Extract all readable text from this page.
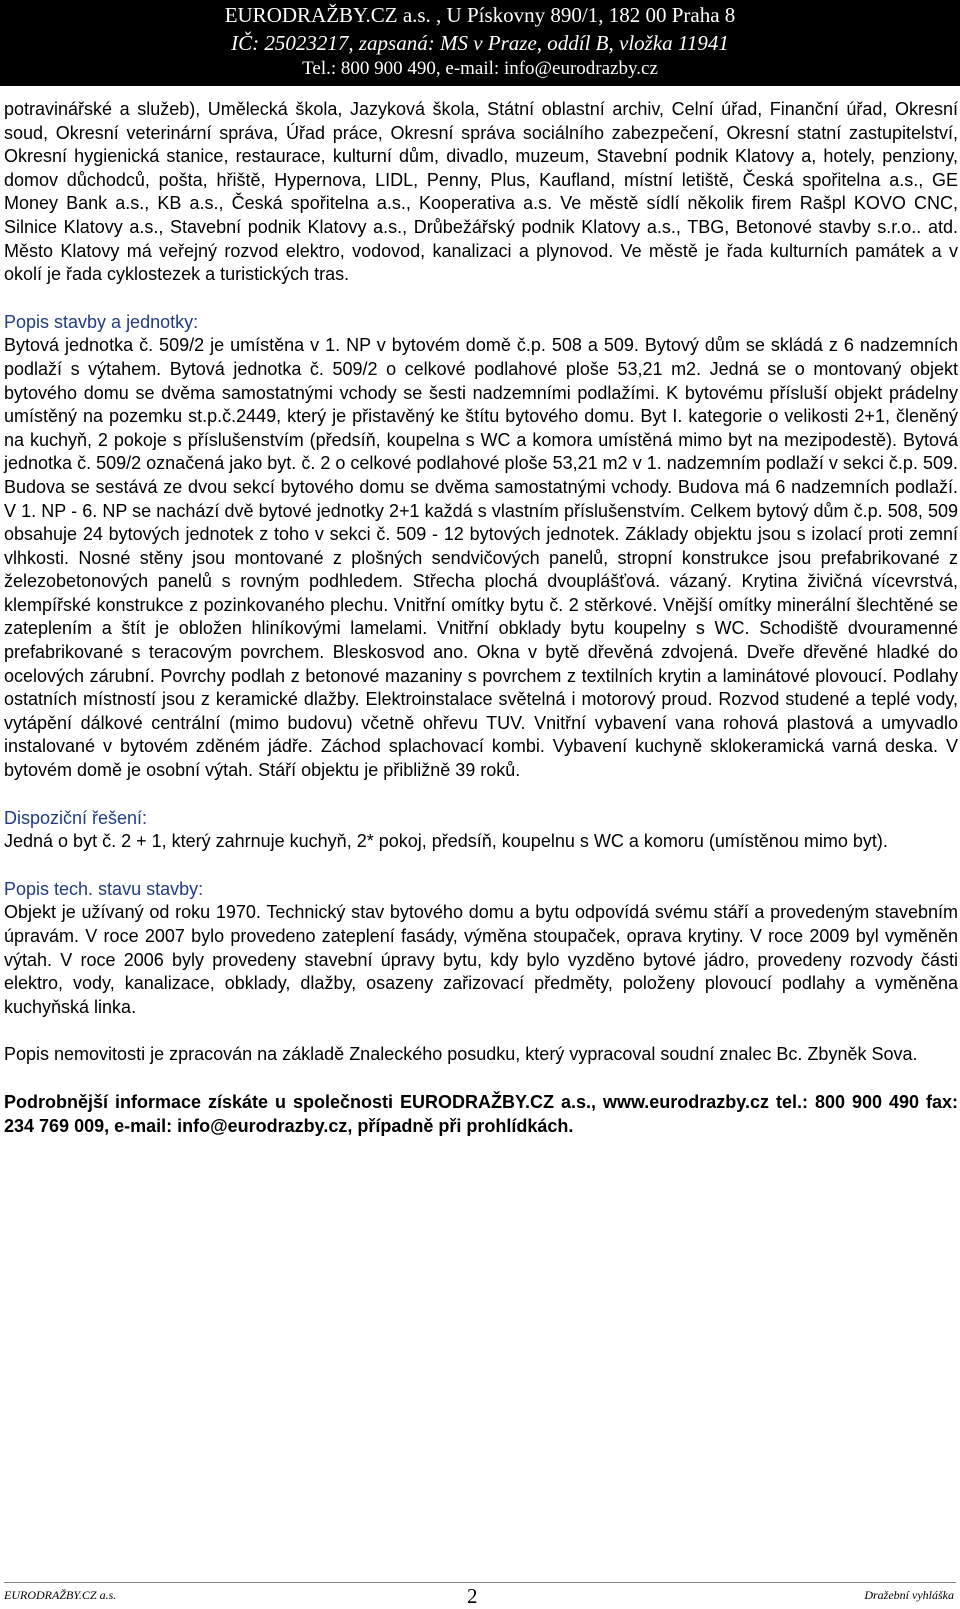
EURODRAŽBY.CZ a.s. , U Pískovny 890/1, 182 00 Praha 8
IČ: 25023217, zapsaná: MS v Praze, oddíl B, vložka 11941
Tel.: 800 900 490, e-mail: info@eurodrazby.cz

potravinářské a služeb), Umělecká škola, Jazyková škola, Státní oblastní archiv, Celní úřad, Finanční úřad, Okresní soud, Okresní veterinární správa, Úřad práce, Okresní správa sociálního zabezpečení, Okresní statní zastupitelství, Okresní hygienická stanice, restaurace, kulturní dům, divadlo, muzeum, Stavební podnik Klatovy a, hotely, penziony, domov důchodců, pošta, hřiště, Hypernova, LIDL, Penny, Plus, Kaufland, místní letiště, Česká spořitelna a.s., GE Money Bank a.s., KB a.s., Česká spořitelna a.s., Kooperativa a.s. Ve městě sídlí několik firem Rašpl KOVO CNC, Silnice Klatovy a.s., Stavební podnik Klatovy a.s., Drůbežářský podnik Klatovy a.s., TBG, Betonové stavby s.r.o.. atd. Město Klatovy má veřejný rozvod elektro, vodovod, kanalizaci a plynovod. Ve městě je řada kulturních památek a v okolí je řada cyklostezek a turistických tras.

Popis stavby a jednotky:

Bytová jednotka č. 509/2 je umístěna v 1. NP v bytovém domě č.p. 508 a 509. Bytový dům se skládá z 6 nadzemních podlaží s výtahem. Bytová jednotka č. 509/2 o celkové podlahové ploše 53,21 m2. Jedná se o montovaný objekt bytového domu se dvěma samostatnými vchody se šesti nadzemními podlažími. K bytovému přísluší objekt prádelny umístěný na pozemku st.p.č.2449, který je přistavěný ke štítu bytového domu. Byt I. kategorie o velikosti 2+1, členěný na kuchyň, 2 pokoje s příslušenstvím (předsíň, koupelna s WC a komora umístěná mimo byt na mezipodestě). Bytová jednotka č. 509/2 označená jako byt. č. 2 o celkové podlahové ploše 53,21 m2 v 1. nadzemním podlaží v sekci č.p. 509. Budova se sestává ze dvou sekcí bytového domu se dvěma samostatnými vchody. Budova má 6 nadzemních podlaží. V 1. NP - 6. NP se nachází dvě bytové jednotky 2+1 každá s vlastním příslušenstvím. Celkem bytový dům č.p. 508, 509 obsahuje 24 bytových jednotek z toho v sekci č. 509 - 12 bytových jednotek. Základy objektu jsou s izolací proti zemní vlhkosti. Nosné stěny jsou montované z plošných sendvičových panelů, stropní konstrukce jsou prefabrikované z železobetonových panelů s rovným podhledem. Střecha plochá dvouplášťová. vázaný. Krytina živičná vícevrstvá, klempířské konstrukce z pozinkovaného plechu. Vnitřní omítky bytu č. 2 stěrkové. Vnější omítky minerální šlechtěné se zateplením a štít je obložen hliníkovými lamelami. Vnitřní obklady bytu koupelny s WC. Schodiště dvouramenné prefabrikované s teracovým povrchem. Bleskosvod ano. Okna v bytě dřevěná zdvojená. Dveře dřevěné hladké do ocelových zárubní. Povrchy podlah z betonové mazaniny s povrchem z textilních krytin a laminátové plovoucí. Podlahy ostatních místností jsou z keramické dlažby. Elektroinstalace světelná i motorový proud. Rozvod studené a teplé vody, vytápění dálkové centrální (mimo budovu) včetně ohřevu TUV. Vnitřní vybavení vana rohová plastová a umyvadlo instalované v bytovém zděném jádře. Záchod splachovací kombi. Vybavení kuchyně sklokeramická varná deska. V bytovém domě je osobní výtah. Stáří objektu je přibližně 39 roků.

Dispoziční řešení:

Jedná o byt č. 2 + 1, který zahrnuje kuchyň, 2* pokoj, předsíň, koupelnu s WC a komoru (umístěnou mimo byt).

Popis tech. stavu stavby:

Objekt je užívaný od roku 1970. Technický stav bytového domu a bytu odpovídá svému stáří a provedeným stavebním úpravám. V roce 2007 bylo provedeno zateplení fasády, výměna stoupaček, oprava krytiny. V roce 2009 byl vyměněn výtah. V roce 2006 byly provedeny stavební úpravy bytu, kdy bylo vyzděno bytové jádro, provedeny rozvody části elektro, vody, kanalizace, obklady, dlažby, osazeny zařizovací předměty, položeny plovoucí podlahy a vyměněna kuchyňská linka.

Popis nemovitosti je zpracován na základě Znaleckého posudku, který vypracoval soudní znalec Bc. Zbyněk Sova.

Podrobnější informace získáte u společnosti EURODRAŽBY.CZ a.s., www.eurodrazby.cz tel.: 800 900 490 fax: 234 769 009, e-mail: info@eurodrazby.cz, případně při prohlídkách.

EURODRAŽBY.CZ a.s.	2	Dražební vyhláška
